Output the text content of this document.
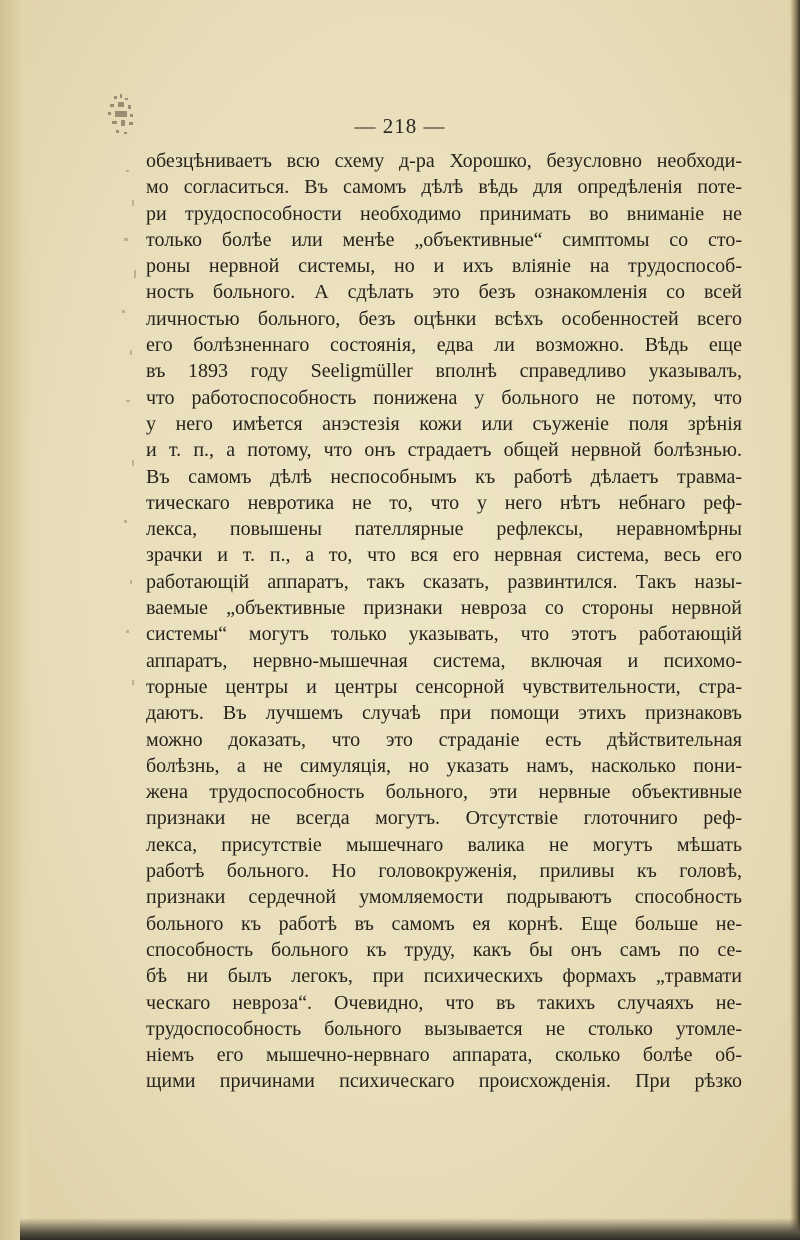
— 218 —
обезцѣниваетъ всю схему д-ра Хорошко, безусловно необходи-
мо согласиться. Въ самомъ дѣлѣ вѣдь для опредѣленія поте-
ри трудоспособности необходимо принимать во вниманіе не
только болѣе или менѣе „объективные“ симптомы со сто-
роны нервной системы, но и ихъ вліяніе на трудоспособ-
ность больного. А сдѣлать это безъ ознакомленія со всей
личностью больного, безъ оцѣнки всѣхъ особенностей всего
его болѣзненнаго состоянія, едва ли возможно. Вѣдь еще
въ 1893 году Seeligmüller вполнѣ справедливо указывалъ,
что работоспособность понижена у больного не потому, что
у него имѣется анэстезія кожи или съуженіе поля зрѣнія
и т. п., а потому, что онъ страдаетъ общей нервной болѣзнью.
Въ самомъ дѣлѣ неспособнымъ къ работѣ дѣлаетъ травма-
тическаго невротика не то, что у него нѣтъ небнаго реф-
лекса, повышены пателлярные рефлексы, неравномѣрны
зрачки и т. п., а то, что вся его нервная система, весь его
работающій аппаратъ, такъ сказать, развинтился. Такъ назы-
ваемые „объективные признаки невроза со стороны нервной
системы“ могутъ только указывать, что этотъ работающій
аппаратъ, нервно-мышечная система, включая и психомо-
торные центры и центры сенсорной чувствительности, стра-
даютъ. Въ лучшемъ случаѣ при помощи этихъ признаковъ
можно доказать, что это страданіе есть дѣйствительная
болѣзнь, а не симуляція, но указать намъ, насколько пони-
жена трудоспособность больного, эти нервные объективные
признаки не всегда могутъ. Отсутствіе глоточниго реф-
лекса, присутствіе мышечнаго валика не могутъ мѣшать
работѣ больного. Но головокруженія, приливы къ головѣ,
признаки сердечной умомляемости подрываютъ способность
больного къ работѣ въ самомъ ея корнѣ. Еще больше не-
способность больного къ труду, какъ бы онъ самъ по се-
бѣ ни былъ легокъ, при психическихъ формахъ „травмати
ческаго невроза“. Очевидно, что въ такихъ случаяхъ не-
трудоспособность больного вызывается не столько утомле-
ніемъ его мышечно-нервнаго аппарата, сколько болѣе об-
щими причинами психическаго происхожденія. При рѣзко
